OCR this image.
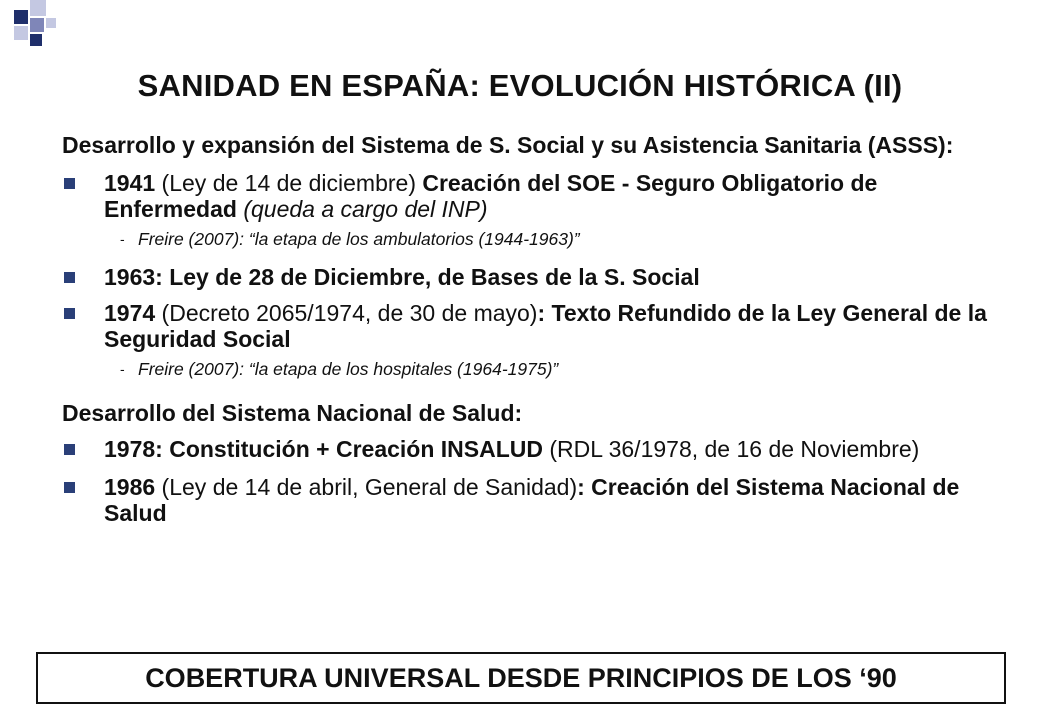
SANIDAD EN ESPAÑA: EVOLUCIÓN HISTÓRICA (II)

Desarrollo y expansión del Sistema de S. Social y su Asistencia Sanitaria (ASSS):

1941 (Ley de 14 de diciembre) Creación del SOE - Seguro Obligatorio de Enfermedad (queda a cargo del INP)
- Freire (2007): “la etapa de los ambulatorios (1944-1963)”
1963: Ley de 28 de Diciembre, de Bases de la S. Social
1974 (Decreto 2065/1974, de 30 de mayo): Texto Refundido de la Ley General de la Seguridad Social
- Freire (2007): “la etapa de los hospitales (1964-1975)”

Desarrollo del Sistema Nacional de Salud:

1978: Constitución + Creación INSALUD (RDL 36/1978, de 16 de Noviembre)
1986 (Ley de 14 de abril, General de Sanidad): Creación del Sistema Nacional de Salud
COBERTURA UNIVERSAL DESDE PRINCIPIOS DE LOS ‘90
